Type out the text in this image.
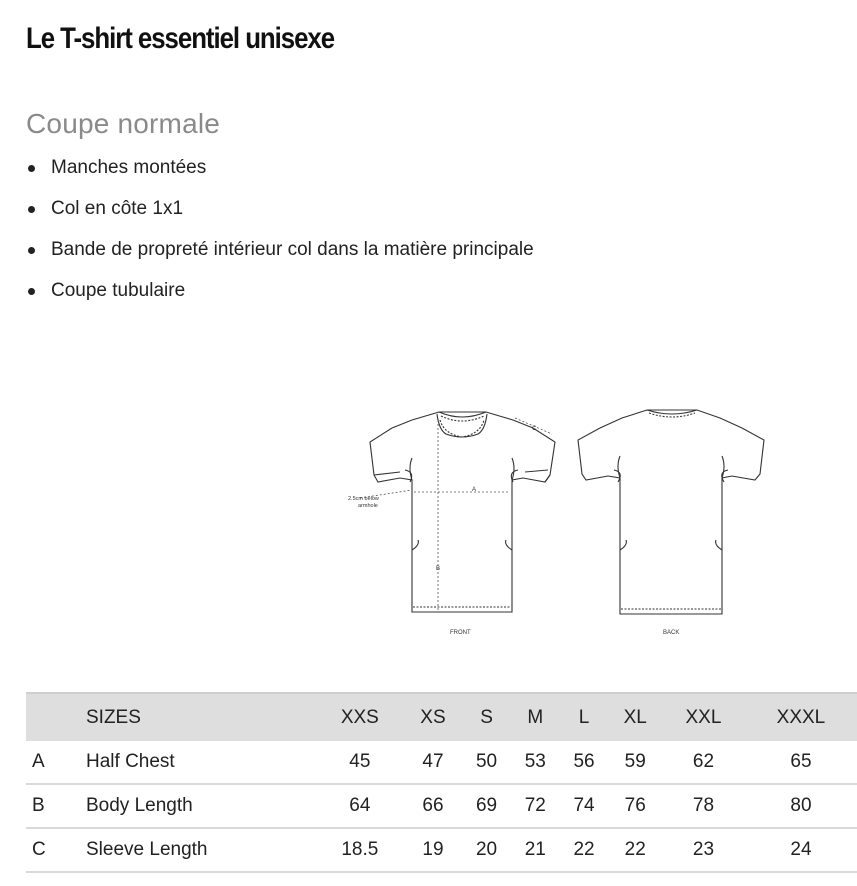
Le T-shirt essentiel unisexe
Coupe normale
Manches montées
Col en côte 1x1
Bande de propreté intérieur col dans la matière principale
Coupe tubulaire
2.5cm below
armhole
A
B
C
FRONT	BACK
	SIZES	XXS	XS	S	M	L	XL	XXL	XXXL
A	Half Chest	45	47	50	53	56	59	62	65
B	Body Length	64	66	69	72	74	76	78	80
C	Sleeve Length	18.5	19	20	21	22	22	23	24
